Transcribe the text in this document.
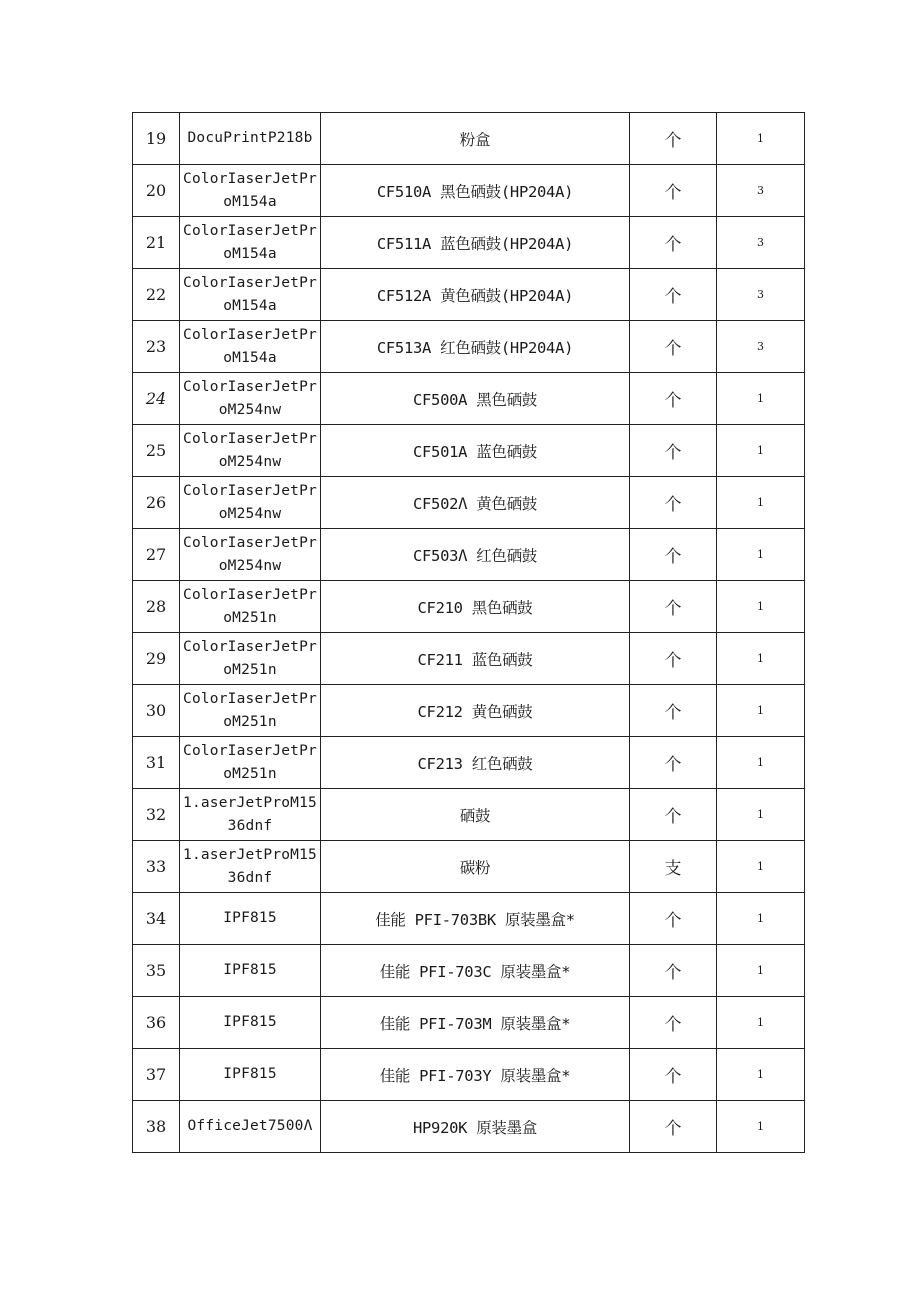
19	DocuPrintP218b	粉盒	个	1
20	ColorIaserJetProM154a	CF510A 黑色硒鼓(HP204A)	个	3
21	ColorIaserJetProM154a	CF511A 蓝色硒鼓(HP204A)	个	3
22	ColorIaserJetProM154a	CF512A 黄色硒鼓(HP204A)	个	3
23	ColorIaserJetProM154a	CF513A 红色硒鼓(HP204A)	个	3
24	ColorIaserJetProM254nw	CF500A 黑色硒鼓	个	1
25	ColorIaserJetProM254nw	CF501A 蓝色硒鼓	个	1
26	ColorIaserJetProM254nw	CF502Λ 黄色硒鼓	个	1
27	ColorIaserJetProM254nw	CF503Λ 红色硒鼓	个	1
28	ColorIaserJetProM251n	CF210 黑色硒鼓	个	1
29	ColorIaserJetProM251n	CF211 蓝色硒鼓	个	1
30	ColorIaserJetProM251n	CF212 黄色硒鼓	个	1
31	ColorIaserJetProM251n	CF213 红色硒鼓	个	1
32	1.aserJetProM1536dnf	硒鼓	个	1
33	1.aserJetProM1536dnf	碳粉	支	1
34	IPF815	佳能 PFI-703BK 原装墨盒*	个	1
35	IPF815	佳能 PFI-703C 原装墨盒*	个	1
36	IPF815	佳能 PFI-703M 原装墨盒*	个	1
37	IPF815	佳能 PFI-703Y 原装墨盒*	个	1
38	OfficeJet7500Λ	HP920K 原装墨盒	个	1
